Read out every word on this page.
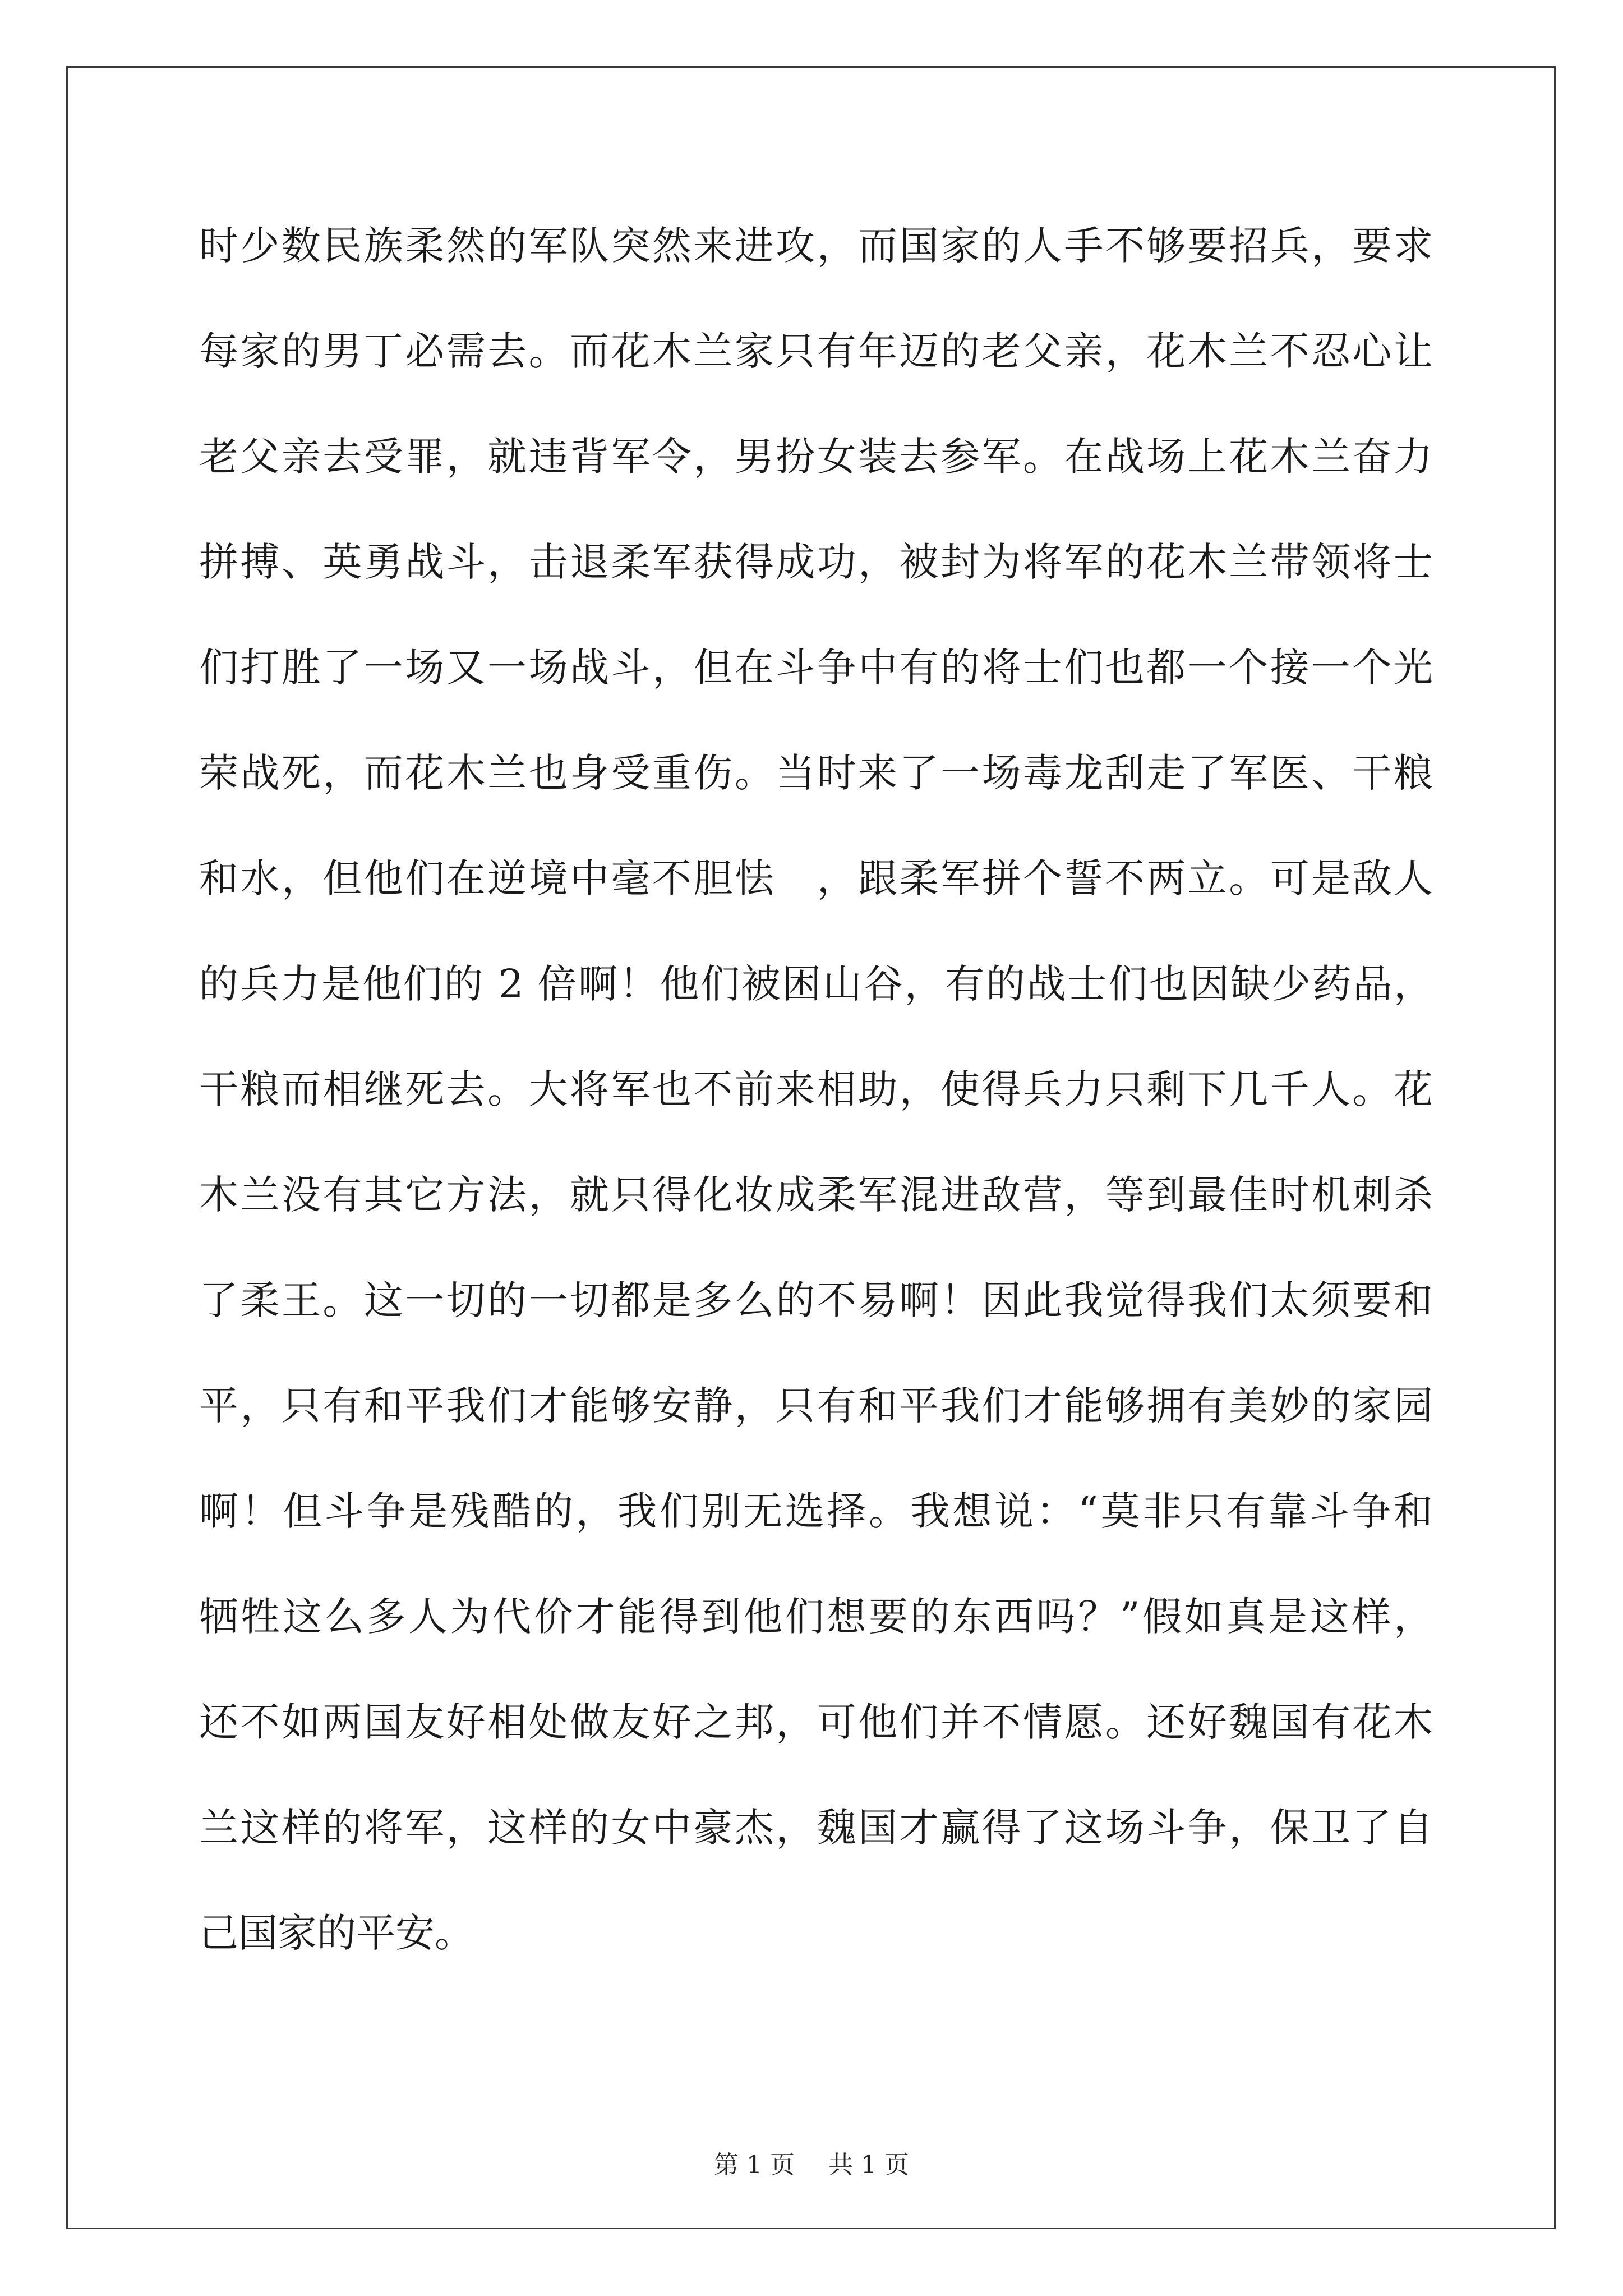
时少数民族柔然的军队突然来进攻，而国家的人手不够要招兵，要求
每家的男丁必需去。而花木兰家只有年迈的老父亲，花木兰不忍心让
老父亲去受罪，就违背军令，男扮女装去参军。在战场上花木兰奋力
拼搏、英勇战斗，击退柔军获得成功，被封为将军的花木兰带领将士
们打胜了一场又一场战斗，但在斗争中有的将士们也都一个接一个光
荣战死，而花木兰也身受重伤。当时来了一场毒龙刮走了军医、干粮
和水，但他们在逆境中毫不胆怯　，跟柔军拼个誓不两立。可是敌人
的兵力是他们的 2 倍啊！他们被困山谷，有的战士们也因缺少药品，
干粮而相继死去。大将军也不前来相助，使得兵力只剩下几千人。花
木兰没有其它方法，就只得化妆成柔军混进敌营，等到最佳时机刺杀
了柔王。这一切的一切都是多么的不易啊！因此我觉得我们太须要和
平，只有和平我们才能够安静，只有和平我们才能够拥有美妙的家园
啊！但斗争是残酷的，我们别无选择。我想说：“莫非只有靠斗争和
牺牲这么多人为代价才能得到他们想要的东西吗？”假如真是这样，
还不如两国友好相处做友好之邦，可他们并不情愿。还好魏国有花木
兰这样的将军，这样的女中豪杰，魏国才赢得了这场斗争，保卫了自
己国家的平安。
第 1 页 共 1 页
